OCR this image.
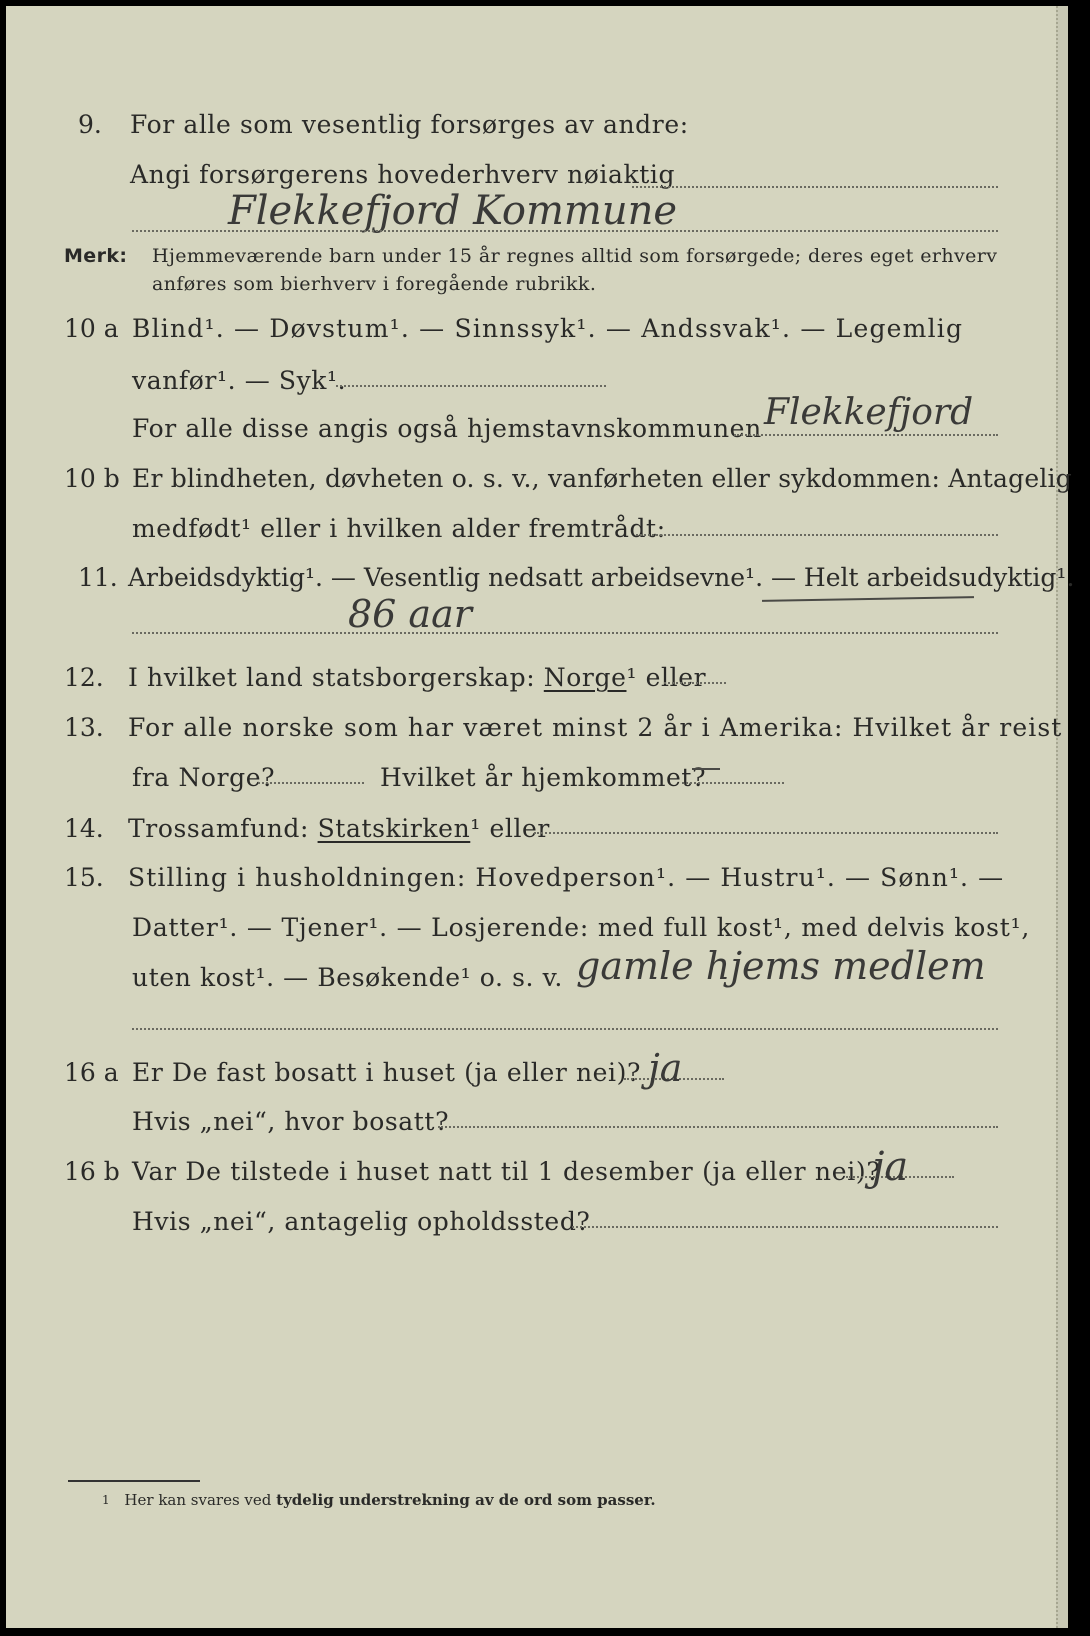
9. For alle som vesentlig forsørges av andre:
Angi forsørgerens hovederhverv nøiaktig
Flekkefjord Kommune
Merk: Hjemmeværende barn under 15 år regnes alltid som forsørgede; deres eget erhverv
anføres som bierhverv i foregående rubrikk.
10 a Blind¹. — Døvstum¹. — Sinnssyk¹. — Andssvak¹. — Legemlig
vanfør¹. — Syk¹.
For alle disse angis også hjemstavnskommunen Flekkefjord
10 b Er blindheten, døvheten o. s. v., vanførheten eller sykdommen: Antagelig
medfødt¹ eller i hvilken alder fremtrådt:
11. Arbeidsdyktig¹. — Vesentlig nedsatt arbeidsevne¹. — Helt arbeidsudyktig¹.
86 aar
12. I hvilket land statsborgerskap: Norge¹ eller
13. For alle norske som har været minst 2 år i Amerika: Hvilket år reist
fra Norge?	Hvilket år hjemkommet?
14. Trossamfund: Statskirken¹ eller
15. Stilling i husholdningen: Hovedperson¹. — Hustru¹. — Sønn¹. —
Datter¹. — Tjener¹. — Losjerende: med full kost¹, med delvis kost¹,
uten kost¹. — Besøkende¹ o. s. v. gamle hjems medlem
16 a Er De fast bosatt i huset (ja eller nei)? ja
Hvis „nei“, hvor bosatt?
16 b Var De tilstede i huset natt til 1 desember (ja eller nei)?
ja
Hvis „nei“, antagelig opholdssted?
$^1$ Her kan svares ved tydelig understrekning av de ord som passer.
